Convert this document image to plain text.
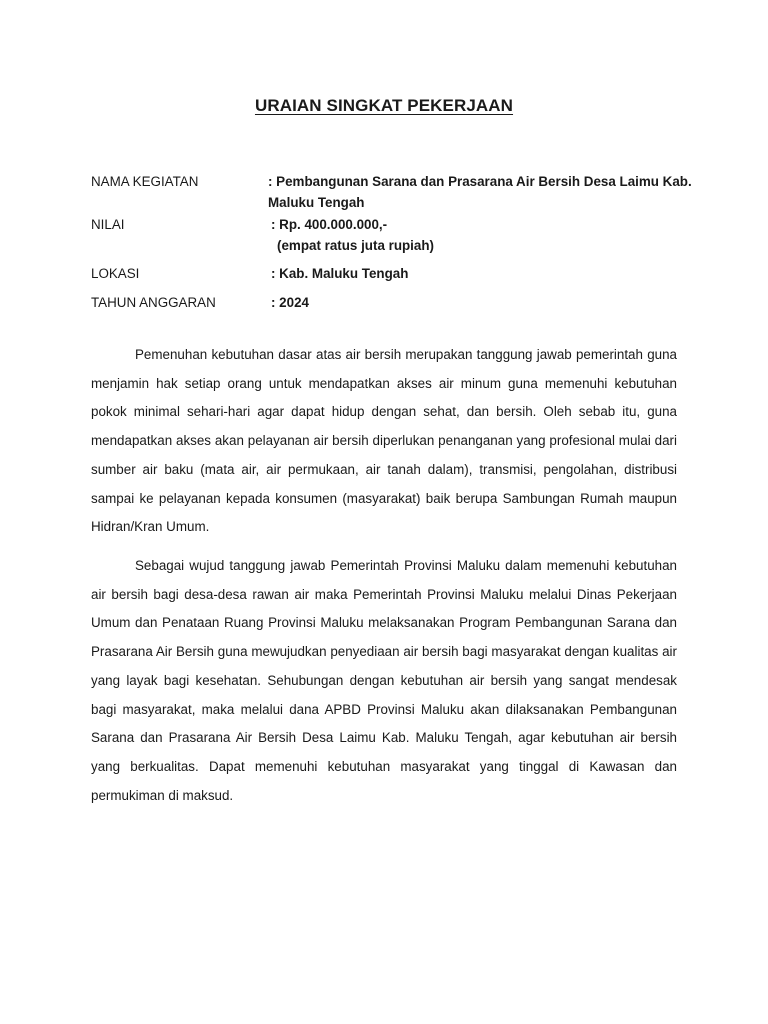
URAIAN SINGKAT PEKERJAAN
NAMA KEGIATAN	: Pembangunan Sarana dan Prasarana Air Bersih Desa Laimu Kab.
Maluku Tengah
NILAI	: Rp. 400.000.000,-
(empat ratus juta rupiah)
LOKASI	: Kab. Maluku Tengah
TAHUN ANGGARAN	: 2024

Pemenuhan kebutuhan dasar atas air bersih merupakan tanggung jawab pemerintah guna menjamin hak setiap orang untuk mendapatkan akses air minum guna memenuhi kebutuhan pokok minimal sehari-hari agar dapat hidup dengan sehat, dan bersih. Oleh sebab itu, guna mendapatkan akses akan pelayanan air bersih diperlukan penanganan yang profesional mulai dari sumber air baku (mata air, air permukaan, air tanah dalam), transmisi, pengolahan, distribusi sampai ke pelayanan kepada konsumen (masyarakat) baik berupa Sambungan Rumah maupun Hidran/Kran Umum.

Sebagai wujud tanggung jawab Pemerintah Provinsi Maluku dalam memenuhi kebutuhan air bersih bagi desa-desa rawan air maka Pemerintah Provinsi Maluku melalui Dinas Pekerjaan Umum dan Penataan Ruang Provinsi Maluku melaksanakan Program Pembangunan Sarana dan Prasarana Air Bersih guna mewujudkan penyediaan air bersih bagi masyarakat dengan kualitas air yang layak bagi kesehatan. Sehubungan dengan kebutuhan air bersih yang sangat mendesak bagi masyarakat, maka melalui dana APBD Provinsi Maluku akan dilaksanakan Pembangunan Sarana dan Prasarana Air Bersih Desa Laimu Kab. Maluku Tengah, agar kebutuhan air bersih yang berkualitas. Dapat memenuhi kebutuhan masyarakat yang tinggal di Kawasan dan permukiman di maksud.
